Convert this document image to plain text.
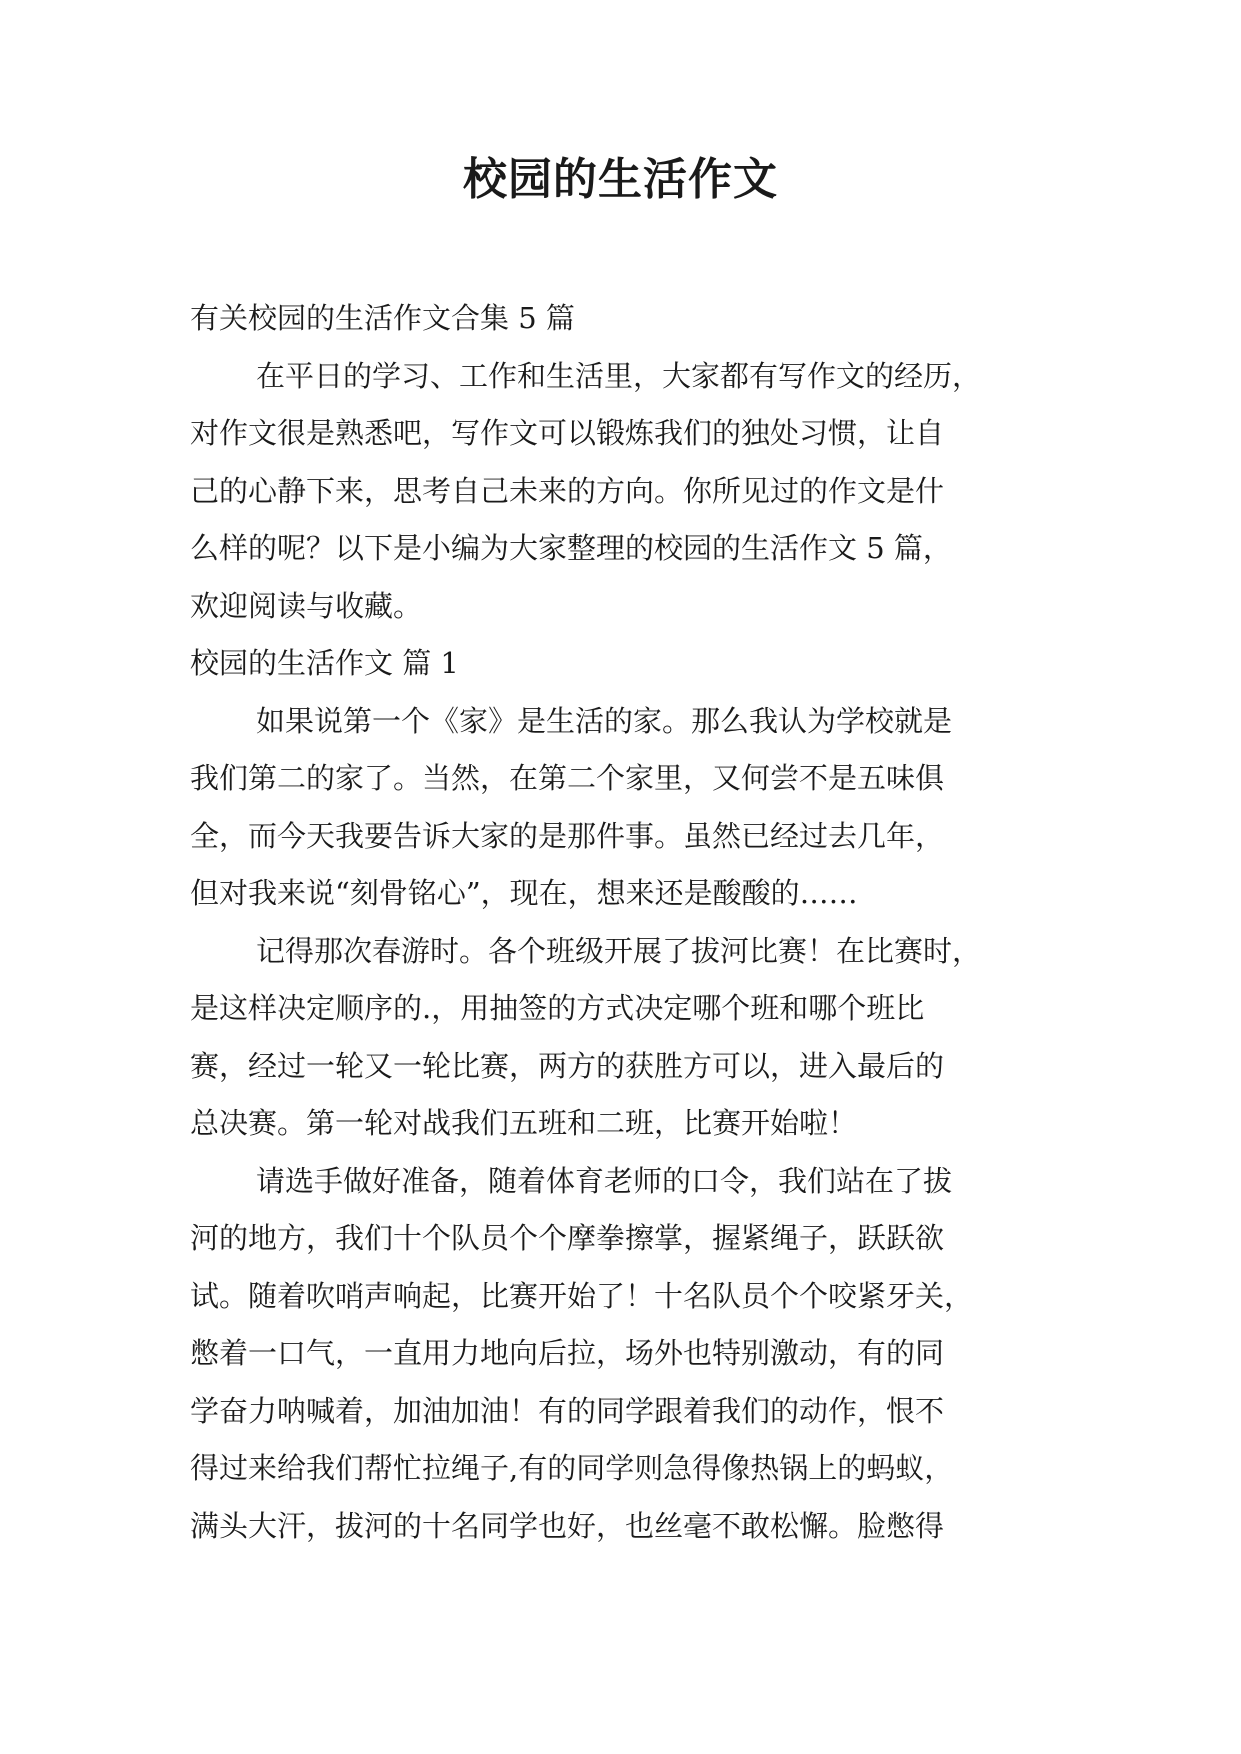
校园的生活作文
有关校园的生活作文合集 5 篇
在平日的学习、工作和生活里，大家都有写作文的经历，
对作文很是熟悉吧，写作文可以锻炼我们的独处习惯，让自
己的心静下来，思考自己未来的方向。你所见过的作文是什
么样的呢？以下是小编为大家整理的校园的生活作文 5 篇，
欢迎阅读与收藏。
校园的生活作文 篇 1
如果说第一个《家》是生活的家。那么我认为学校就是
我们第二的家了。当然，在第二个家里，又何尝不是五味俱
全，而今天我要告诉大家的是那件事。虽然已经过去几年，
但对我来说“刻骨铭心”，现在，想来还是酸酸的……
记得那次春游时。各个班级开展了拔河比赛！在比赛时，
是这样决定顺序的.，用抽签的方式决定哪个班和哪个班比
赛，经过一轮又一轮比赛，两方的获胜方可以，进入最后的
总决赛。第一轮对战我们五班和二班，比赛开始啦！
请选手做好准备，随着体育老师的口令，我们站在了拔
河的地方，我们十个队员个个摩拳擦掌，握紧绳子，跃跃欲
试。随着吹哨声响起，比赛开始了！十名队员个个咬紧牙关，
憋着一口气，一直用力地向后拉，场外也特别激动，有的同
学奋力呐喊着，加油加油！有的同学跟着我们的动作，恨不
得过来给我们帮忙拉绳子,有的同学则急得像热锅上的蚂蚁，
满头大汗，拔河的十名同学也好，也丝毫不敢松懈。脸憋得
